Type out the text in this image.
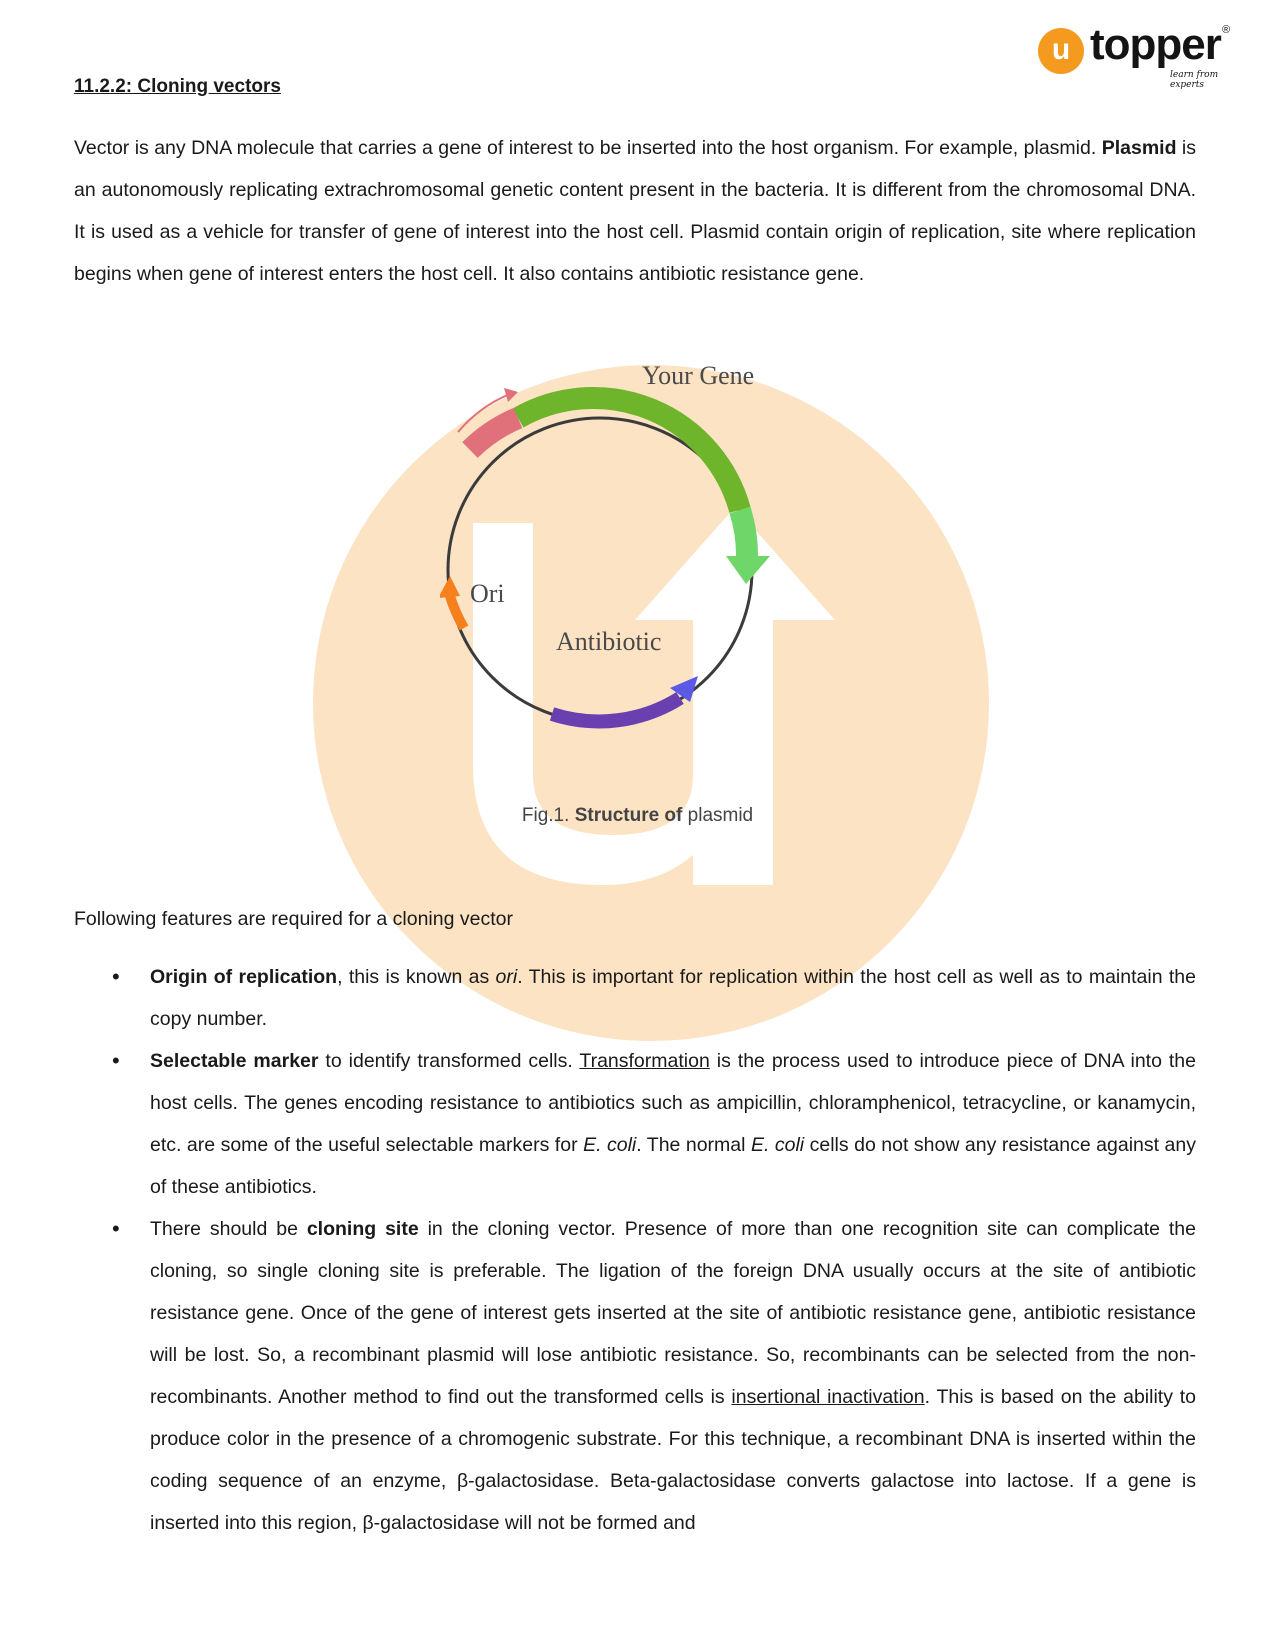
u topper ®
learn from experts
11.2.2: Cloning vectors

Vector is any DNA molecule that carries a gene of interest to be inserted into the host organism. For example, plasmid. Plasmid is an autonomously replicating extrachromosomal genetic content present in the bacteria. It is different from the chromosomal DNA. It is used as a vehicle for transfer of gene of interest into the host cell. Plasmid contain origin of replication, site where replication begins when gene of interest enters the host cell. It also contains antibiotic resistance gene.

Your Gene
Ori
Antibiotic
Fig.1. Structure of plasmid

Following features are required for a cloning vector

• Origin of replication, this is known as ori. This is important for replication within the host cell as well as to maintain the copy number.
• Selectable marker to identify transformed cells. Transformation is the process used to introduce piece of DNA into the host cells. The genes encoding resistance to antibiotics such as ampicillin, chloramphenicol, tetracycline, or kanamycin, etc. are some of the useful selectable markers for E. coli. The normal E. coli cells do not show any resistance against any of these antibiotics.
• There should be cloning site in the cloning vector. Presence of more than one recognition site can complicate the cloning, so single cloning site is preferable. The ligation of the foreign DNA usually occurs at the site of antibiotic resistance gene. Once of the gene of interest gets inserted at the site of antibiotic resistance gene, antibiotic resistance will be lost. So, a recombinant plasmid will lose antibiotic resistance. So, recombinants can be selected from the non-recombinants. Another method to find out the transformed cells is insertional inactivation. This is based on the ability to produce color in the presence of a chromogenic substrate. For this technique, a recombinant DNA is inserted within the coding sequence of an enzyme, β-galactosidase. Beta-galactosidase converts galactose into lactose. If a gene is inserted into this region, β-galactosidase will not be formed and
